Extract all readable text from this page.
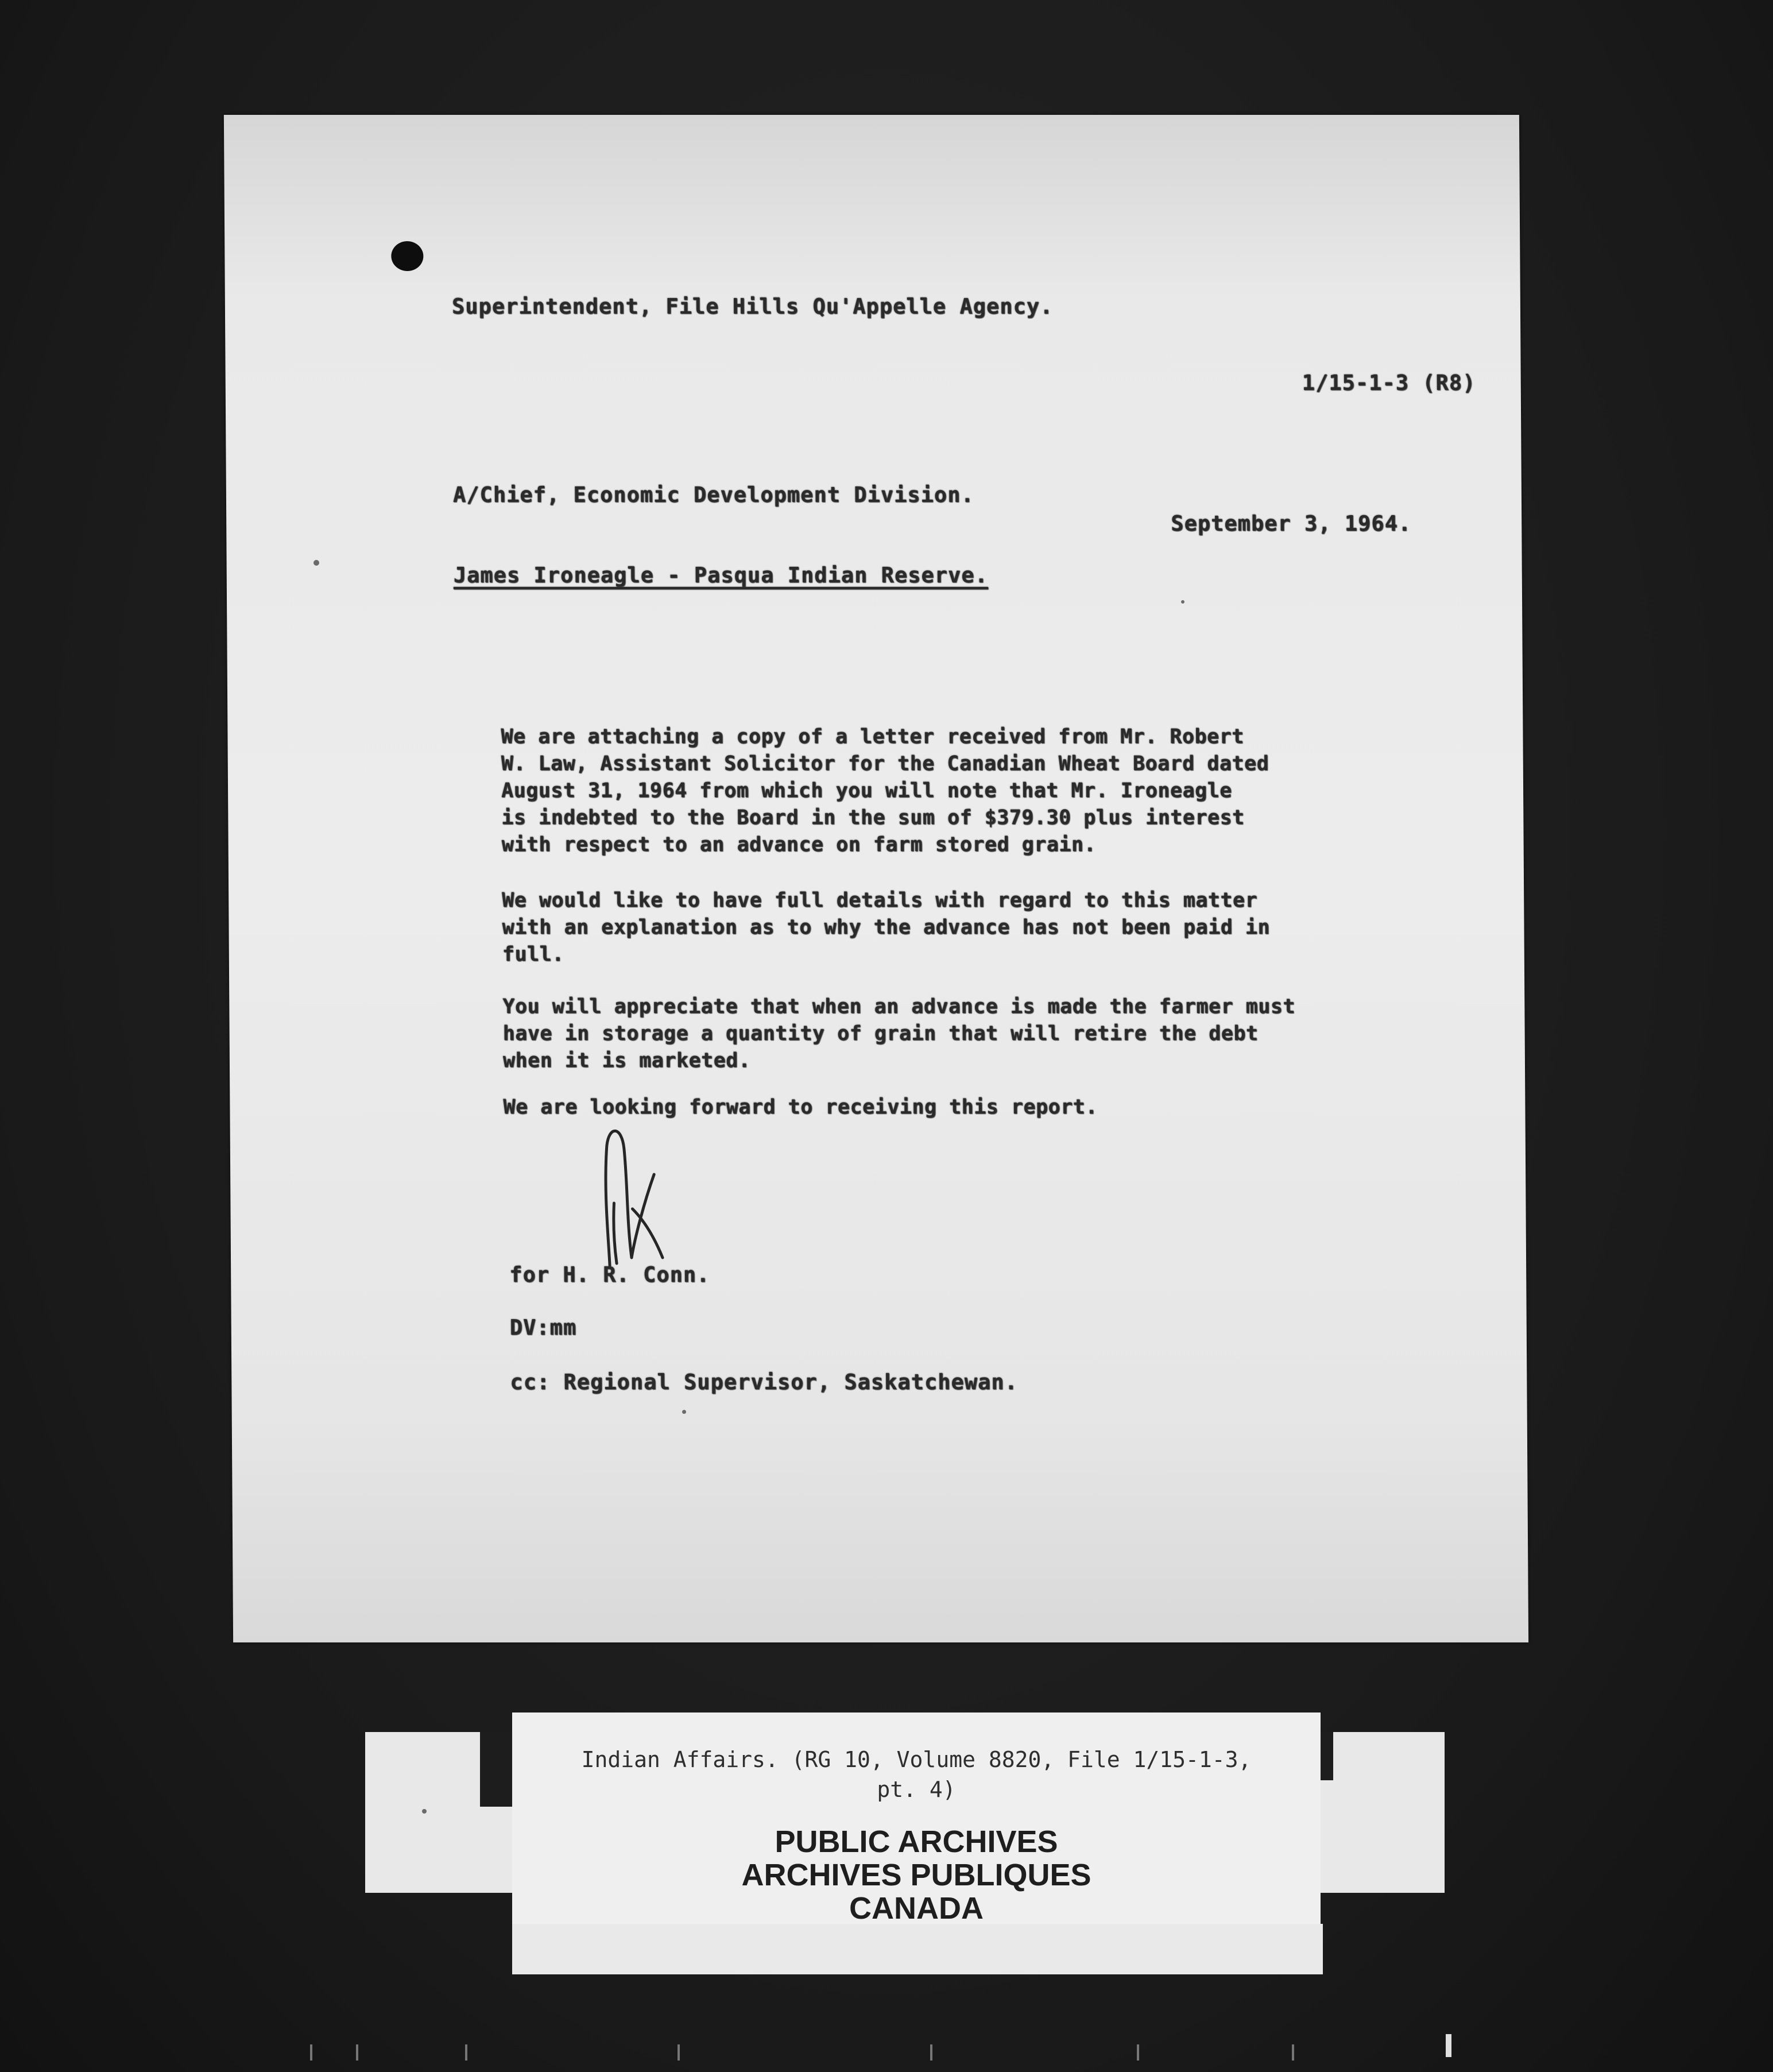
Superintendent, File Hills Qu'Appelle Agency.
1/15-1-3 (R8)
A/Chief, Economic Development Division.
September 3, 1964.
James Ironeagle - Pasqua Indian Reserve.
We are attaching a copy of a letter received from Mr. Robert
W. Law, Assistant Solicitor for the Canadian Wheat Board dated
August 31, 1964 from which you will note that Mr. Ironeagle
is indebted to the Board in the sum of $379.30 plus interest
with respect to an advance on farm stored grain.
We would like to have full details with regard to this matter
with an explanation as to why the advance has not been paid in
full.
You will appreciate that when an advance is made the farmer must
have in storage a quantity of grain that will retire the debt
when it is marketed.
We are looking forward to receiving this report.
for H. R. Conn.
DV:mm
cc: Regional Supervisor, Saskatchewan.
Indian Affairs. (RG 10, Volume 8820, File 1/15-1-3,
pt. 4)
PUBLIC ARCHIVES
ARCHIVES PUBLIQUES
CANADA
